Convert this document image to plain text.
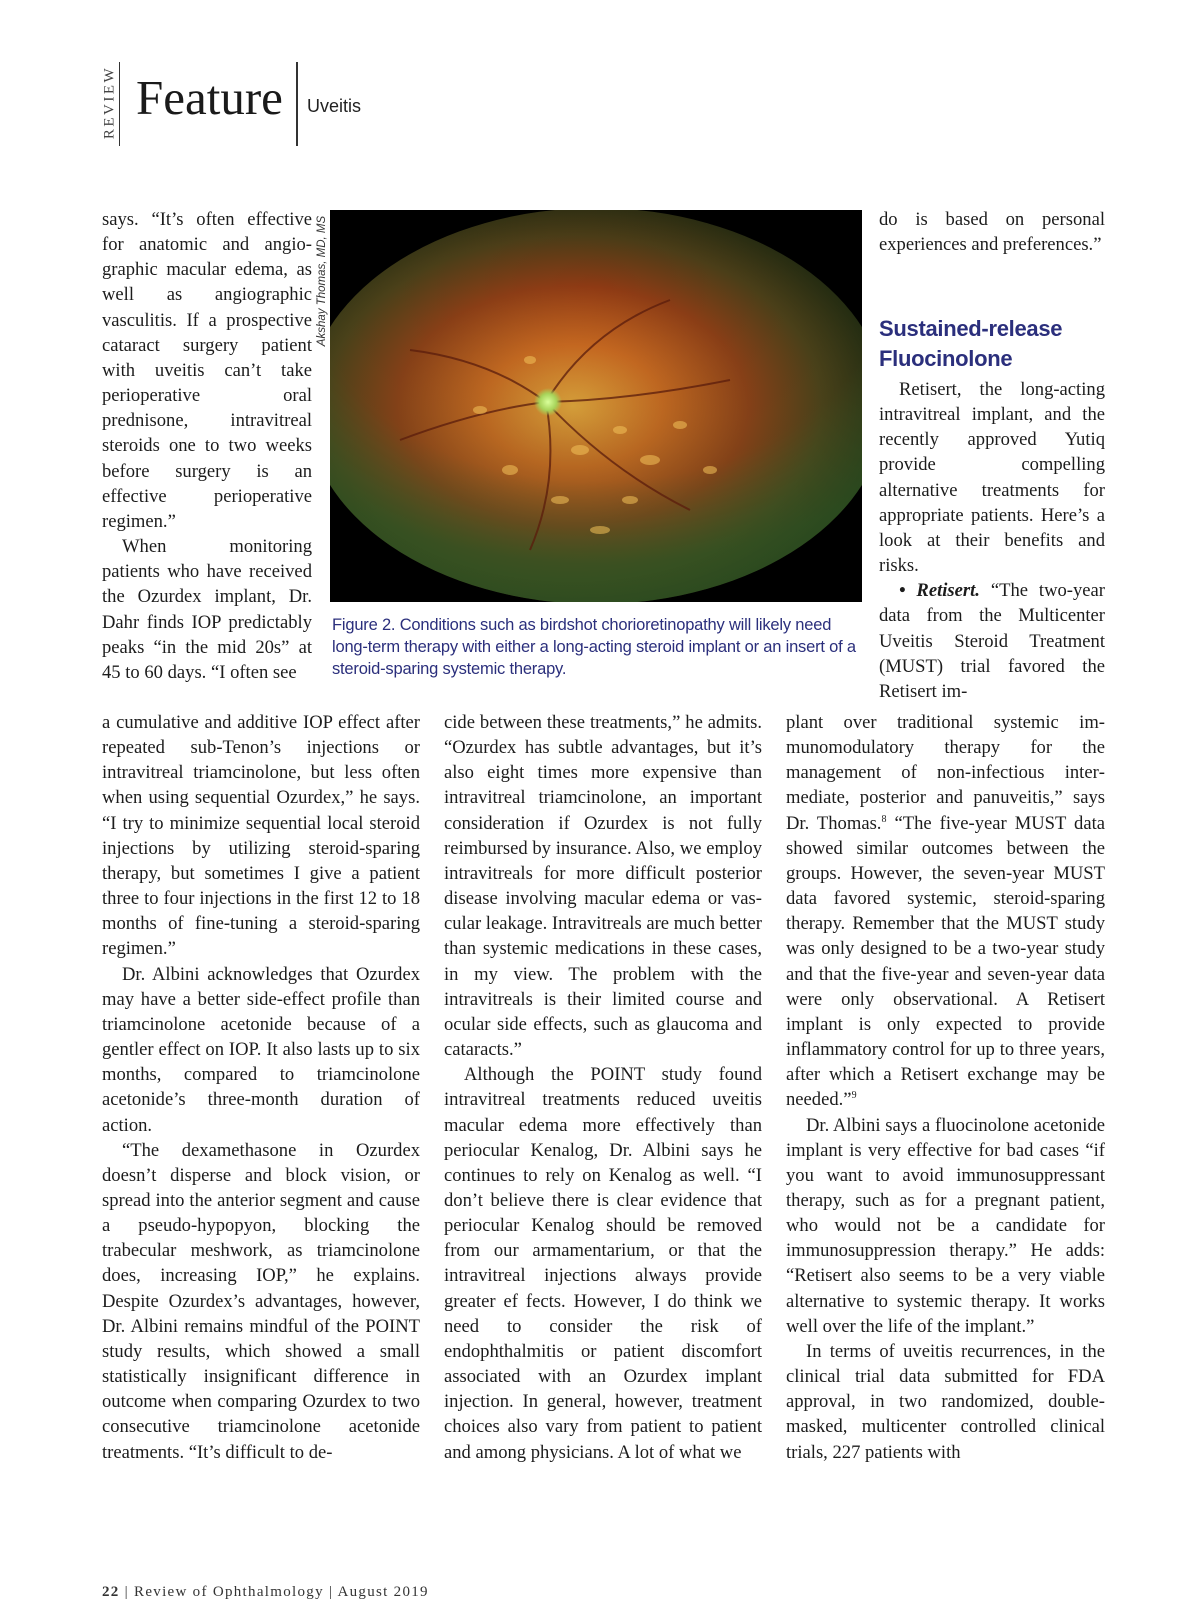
REVIEW Feature Uveitis

says. “It’s often effective for anatomic and angiographic macular edema, as well as angiographic vasculitis. If a prospective cataract surgery patient with uveitis can’t take perioperative oral prednisone, intravitreal steroids one to two weeks before surgery is an effective perioperative regimen.”

When monitoring patients who have received the Ozurdex implant, Dr. Dahr finds IOP predictably peaks “in the mid 20s” at 45 to 60 days. “I often see

Akshay Thomas, MD, MS
Figure 2. Conditions such as birdshot chorioretinopathy will likely need long-term therapy with either a long-acting steroid implant or an insert of a steroid-sparing systemic therapy.

a cumulative and additive IOP effect after repeated sub-Tenon’s injections or intravitreal triamcinolone, but less often when using sequential Ozurdex,” he says. “I try to minimize sequential local steroid injections by utilizing steroid-sparing therapy, but sometimes I give a patient three to four injections in the first 12 to 18 months of fine-tuning a steroid-sparing regimen.”

Dr. Albini acknowledges that Ozurdex may have a better side-effect profile than triamcinolone acetonide because of a gentler effect on IOP. It also lasts up to six months, compared to triamcinolone acetonide’s three-month duration of action.

“The dexamethasone in Ozurdex doesn’t disperse and block vision, or spread into the anterior segment and cause a pseudo-hypopyon, blocking the trabecular meshwork, as triamcinolone does, increasing IOP,” he explains. Despite Ozurdex’s advantages, however, Dr. Albini remains mindful of the POINT study results, which showed a small statistically insignificant difference in outcome when comparing Ozurdex to two consecutive triamcinolone acetonide treatments. “It’s difficult to de-

cide between these treatments,” he admits. “Ozurdex has subtle advantages, but it’s also eight times more expensive than intravitreal triamcinolone, an important consideration if Ozurdex is not fully reimbursed by insurance. Also, we employ intravitreals for more difficult posterior disease involving macular edema or vascular leakage. Intravitreals are much better than systemic medications in these cases, in my view. The problem with the intravitreals is their limited course and ocular side effects, such as glaucoma and cataracts.”

Although the POINT study found intravitreal treatments reduced uveitis macular edema more effectively than periocular Kenalog, Dr. Albini says he continues to rely on Kenalog as well. “I don’t believe there is clear evidence that periocular Kenalog should be removed from our armamentarium, or that the intravitreal injections always provide greater ef fects. However, I do think we need to consider the risk of endophthalmitis or patient discomfort associated with an Ozurdex implant injection. In general, however, treatment choices also vary from patient to patient and among physicians. A lot of what we

do is based on personal experiences and preferences.”

Sustained-release Fluocinolone

Retisert, the long-acting intravitreal implant, and the recently approved Yutiq provide compelling alternative treatments for appropriate patients. Here’s a look at their benefits and risks.

• Retisert. “The two-year data from the Multicenter Uveitis Steroid Treatment (MUST) trial favored the Retisert im-

plant over traditional systemic immunomodulatory therapy for the management of non-infectious intermediate, posterior and panuveitis,” says Dr. Thomas.$^8$ “The five-year MUST data showed similar outcomes between the groups. However, the seven-year MUST data favored systemic, steroid-sparing therapy. Remember that the MUST study was only designed to be a two-year study and that the five-year and seven-year data were only observational. A Retisert implant is only expected to provide inflammatory control for up to three years, after which a Retisert exchange may be needed.”$^9$

Dr. Albini says a fluocinolone acetonide implant is very effective for bad cases “if you want to avoid immunosuppressant therapy, such as for a pregnant patient, who would not be a candidate for immunosuppression therapy.” He adds: “Retisert also seems to be a very viable alternative to systemic therapy. It works well over the life of the implant.”

In terms of uveitis recurrences, in the clinical trial data submitted for FDA approval, in two randomized, double-masked, multicenter controlled clinical trials, 227 patients with

22 | Review of Ophthalmology | August 2019
